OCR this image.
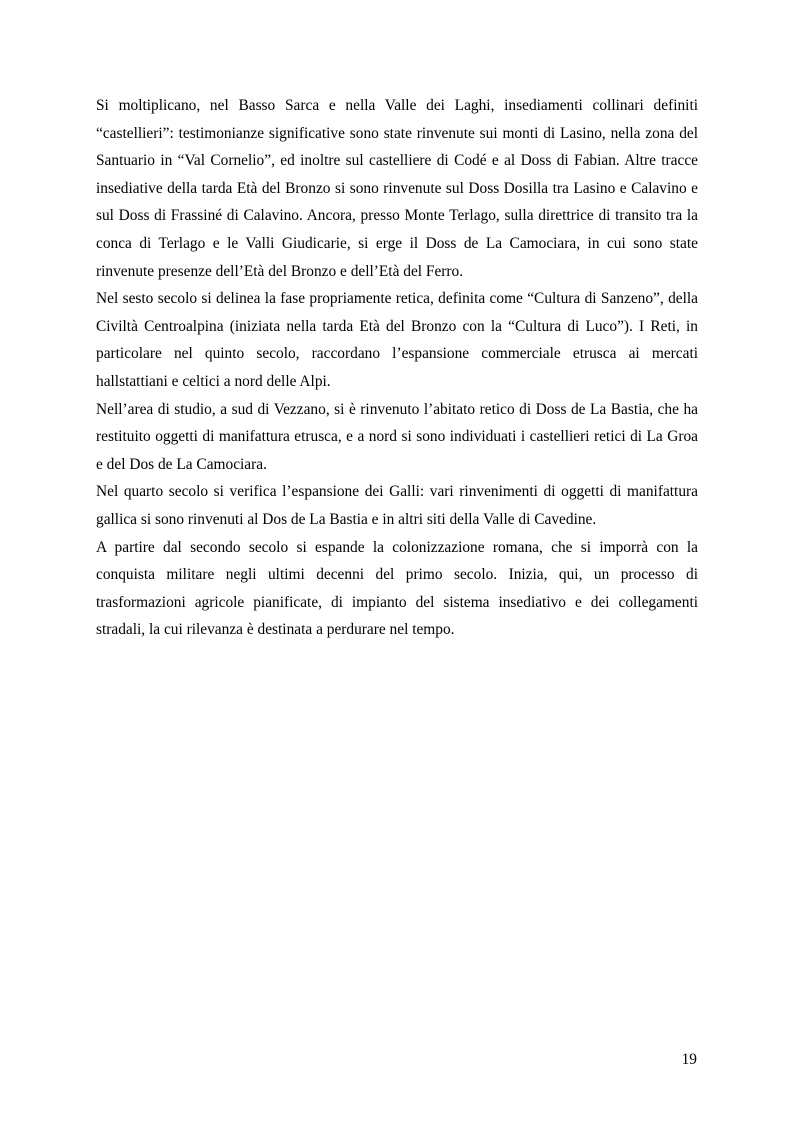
Si moltiplicano, nel Basso Sarca e nella Valle dei Laghi, insediamenti collinari definiti “castellieri”: testimonianze significative sono state rinvenute sui monti di Lasino, nella zona del Santuario in “Val Cornelio”, ed inoltre sul castelliere di Codé e al Doss di Fabian. Altre tracce insediative della tarda Età del Bronzo si sono rinvenute sul Doss Dosilla tra Lasino e Calavino e sul Doss di Frassiné di Calavino. Ancora, presso Monte Terlago, sulla direttrice di transito tra la conca di Terlago e le Valli Giudicarie, si erge il Doss de La Camociara, in cui sono state rinvenute presenze dell’Età del Bronzo e dell’Età del Ferro.

Nel sesto secolo si delinea la fase propriamente retica, definita come “Cultura di Sanzeno”, della Civiltà Centroalpina (iniziata nella tarda Età del Bronzo con la “Cultura di Luco”). I Reti, in particolare nel quinto secolo, raccordano l’espansione commerciale etrusca ai mercati hallstattiani e celtici a nord delle Alpi.

Nell’area di studio, a sud di Vezzano, si è rinvenuto l’abitato retico di Doss de La Bastia, che ha restituito oggetti di manifattura etrusca, e a nord si sono individuati i castellieri retici di La Groa e del Dos de La Camociara.

Nel quarto secolo si verifica l’espansione dei Galli: vari rinvenimenti di oggetti di manifattura gallica si sono rinvenuti al Dos de La Bastia e in altri siti della Valle di Cavedine.

A partire dal secondo secolo si espande la colonizzazione romana, che si imporrà con la conquista militare negli ultimi decenni del primo secolo. Inizia, qui, un processo di trasformazioni agricole pianificate, di impianto del sistema insediativo e dei collegamenti stradali, la cui rilevanza è destinata a perdurare nel tempo.

19
